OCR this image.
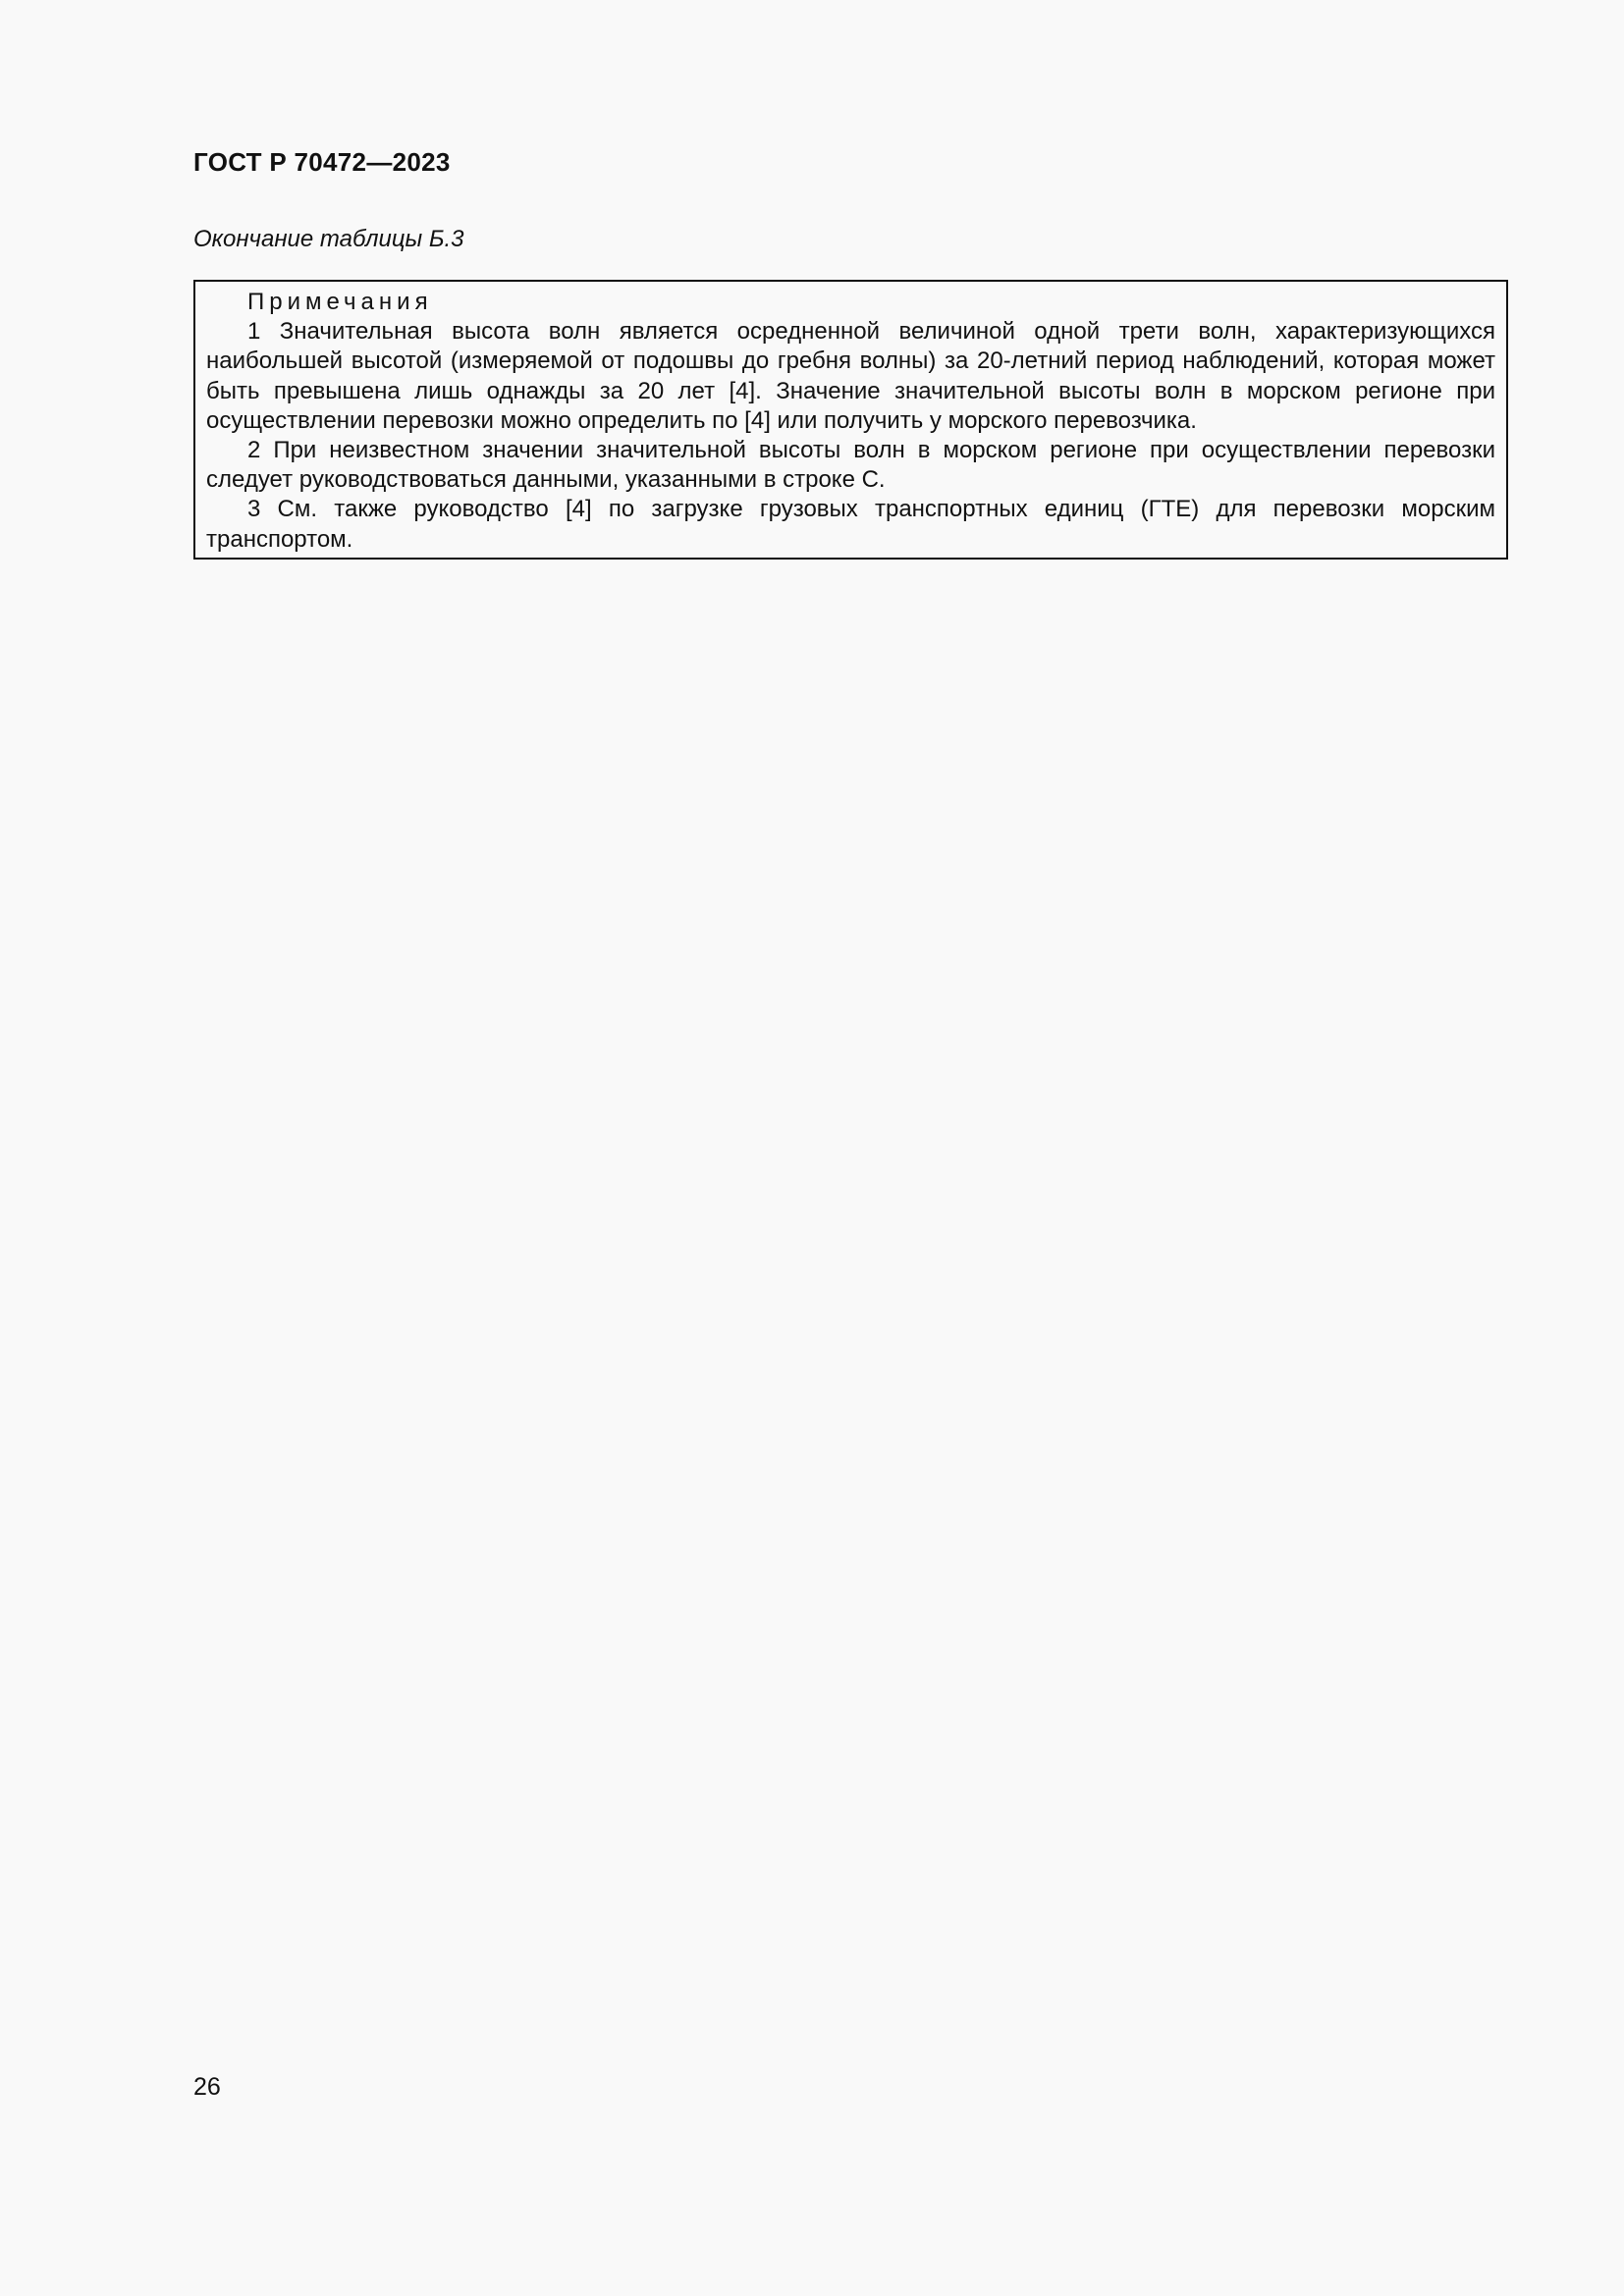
ГОСТ Р 70472—2023
Окончание таблицы Б.3
Примечания

1 Значительная высота волн является осредненной величиной одной трети волн, характеризующихся наибольшей высотой (измеряемой от подошвы до гребня волны) за 20-летний период наблюдений, которая может быть превышена лишь однажды за 20 лет [4]. Значение значительной высоты волн в морском регионе при осуществлении перевозки можно определить по [4] или получить у морского перевозчика.

2 При неизвестном значении значительной высоты волн в морском регионе при осуществлении перевозки следует руководствоваться данными, указанными в строке С.

3 См. также руководство [4] по загрузке грузовых транспортных единиц (ГТЕ) для перевозки морским транспортом.

26
